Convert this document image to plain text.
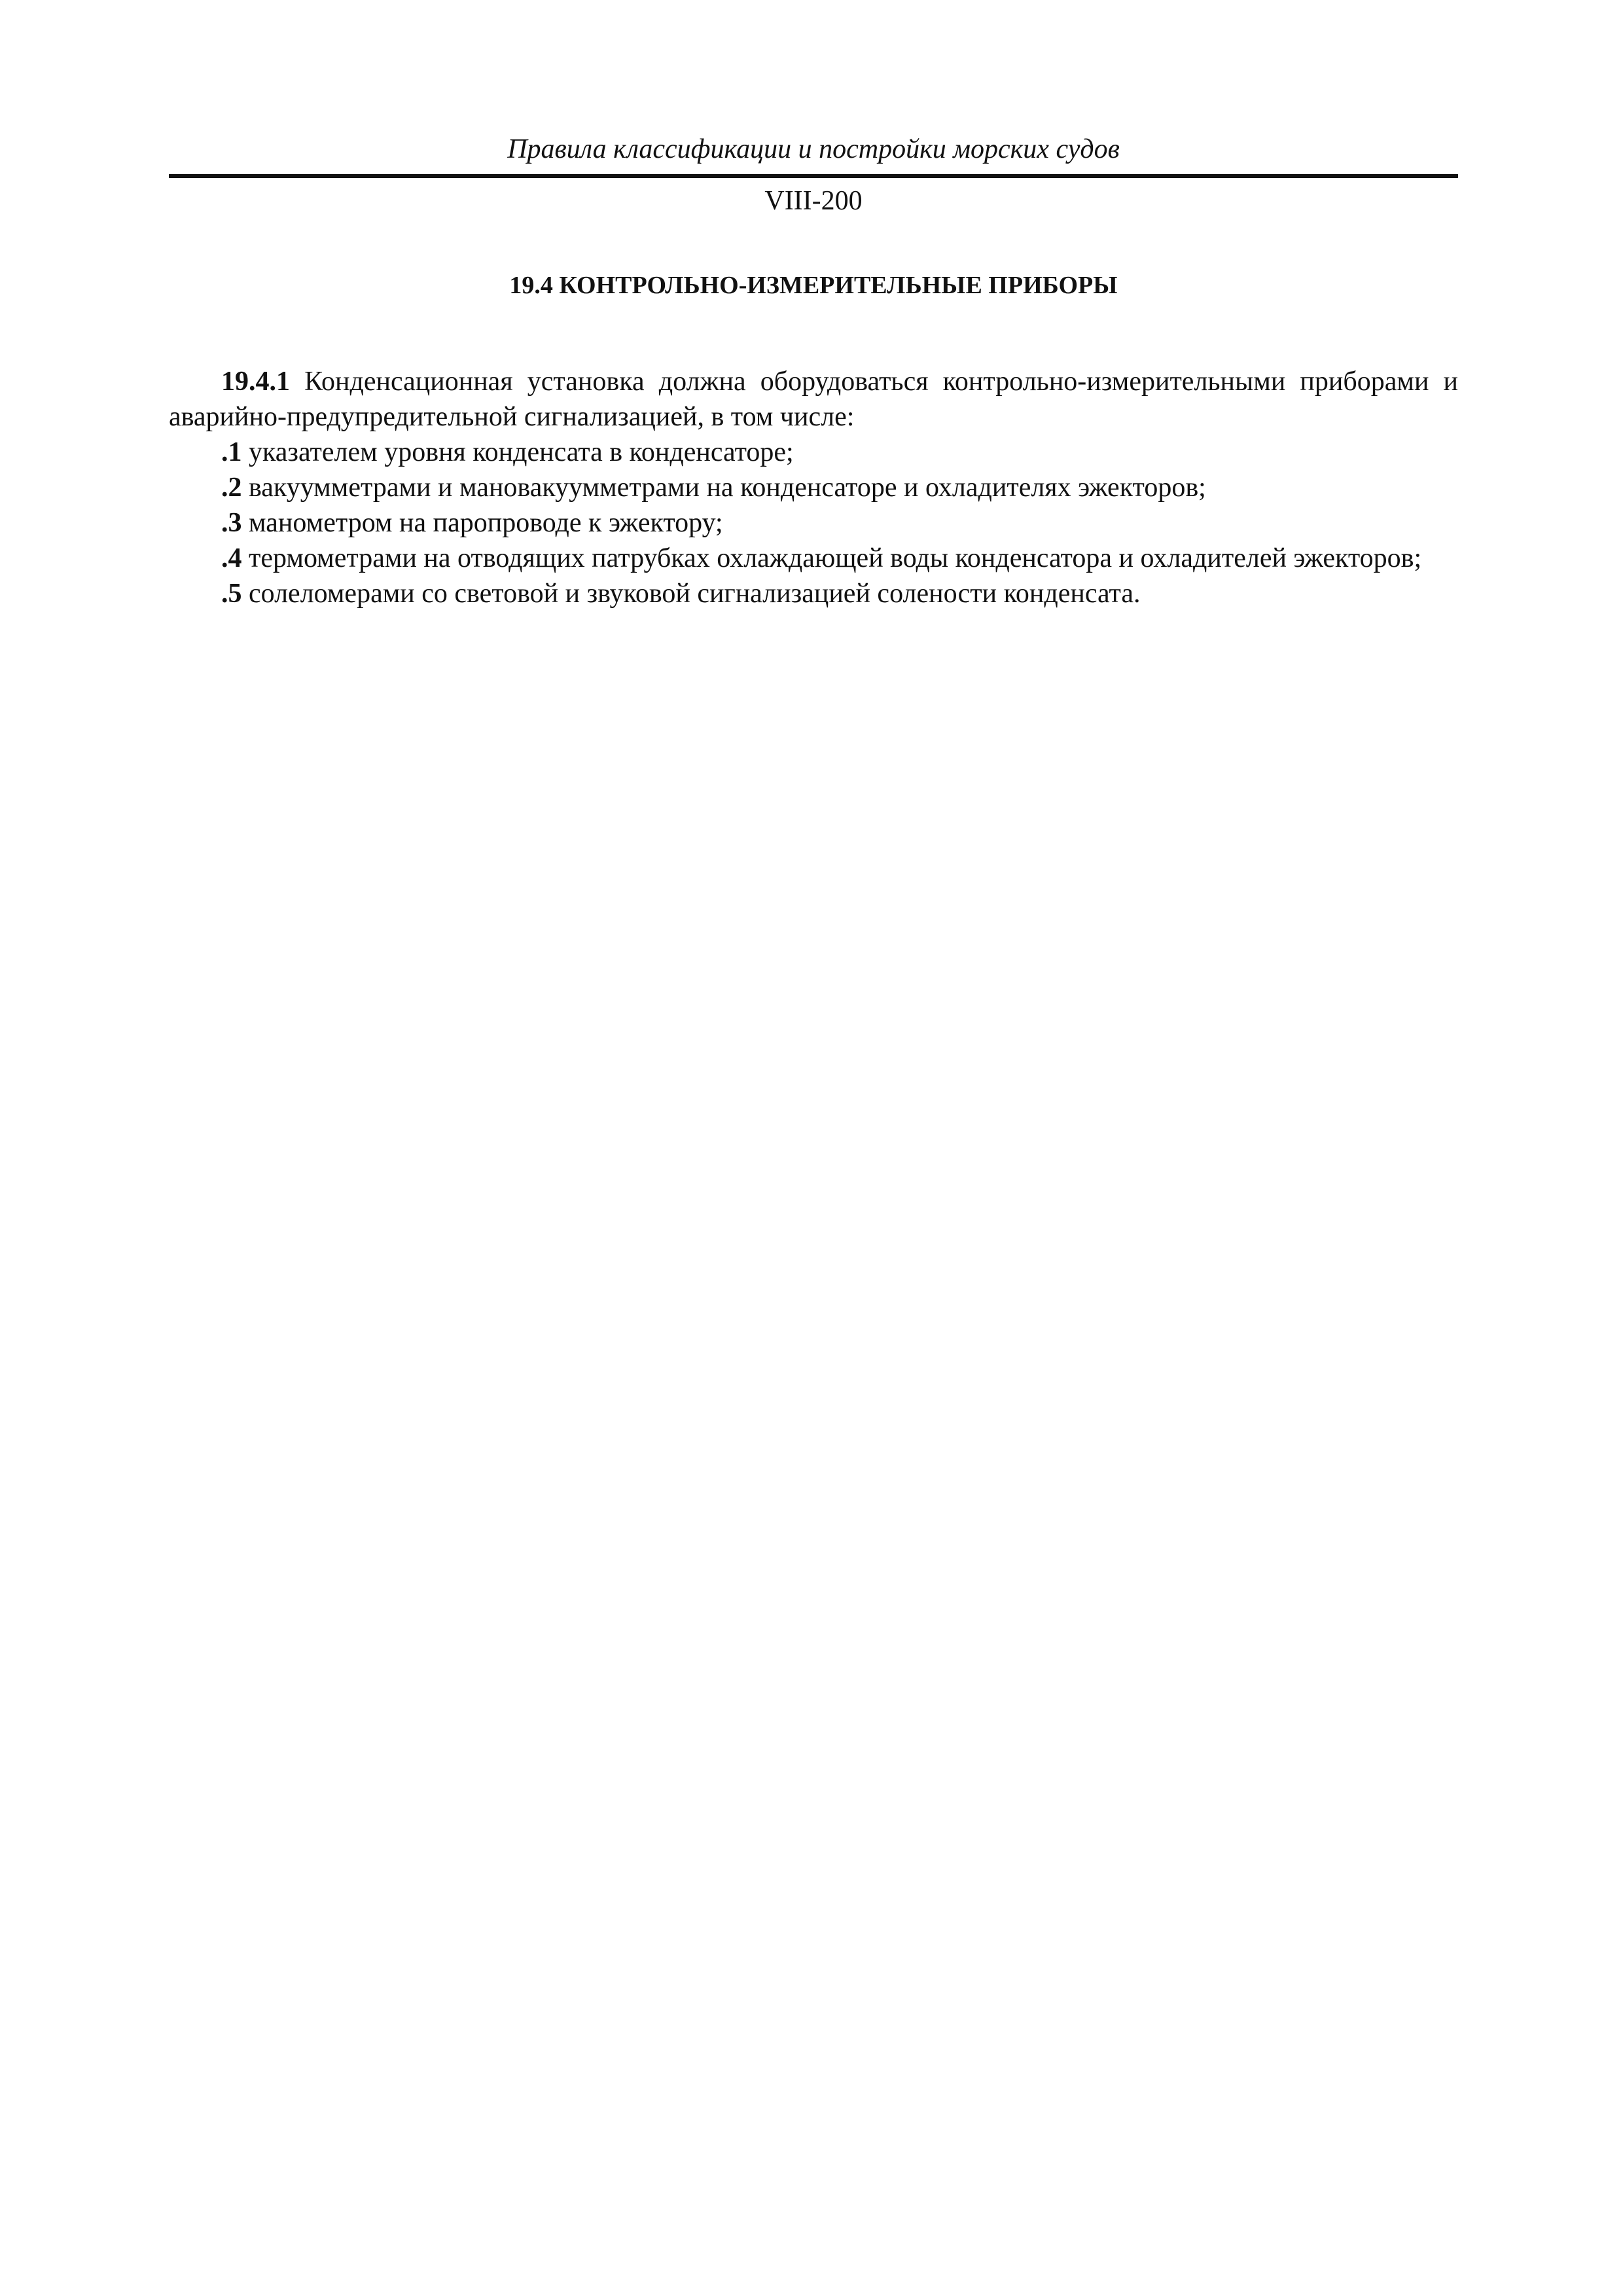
Правила классификации и постройки морских судов
VIII-200
19.4 КОНТРОЛЬНО-ИЗМЕРИТЕЛЬНЫЕ ПРИБОРЫ

19.4.1 Конденсационная установка должна оборудоваться контрольно-измерительными приборами и аварийно-предупредительной сигнализацией, в том числе:

.1 указателем уровня конденсата в конденсаторе;

.2 вакуумметрами и мановакуумметрами на конденсаторе и охладителях эжекторов;

.3 манометром на паропроводе к эжектору;

.4 термометрами на отводящих патрубках охлаждающей воды конденсатора и охладителей эжекторов;

.5 солеломерами со световой и звуковой сигнализацией солености конденсата.
